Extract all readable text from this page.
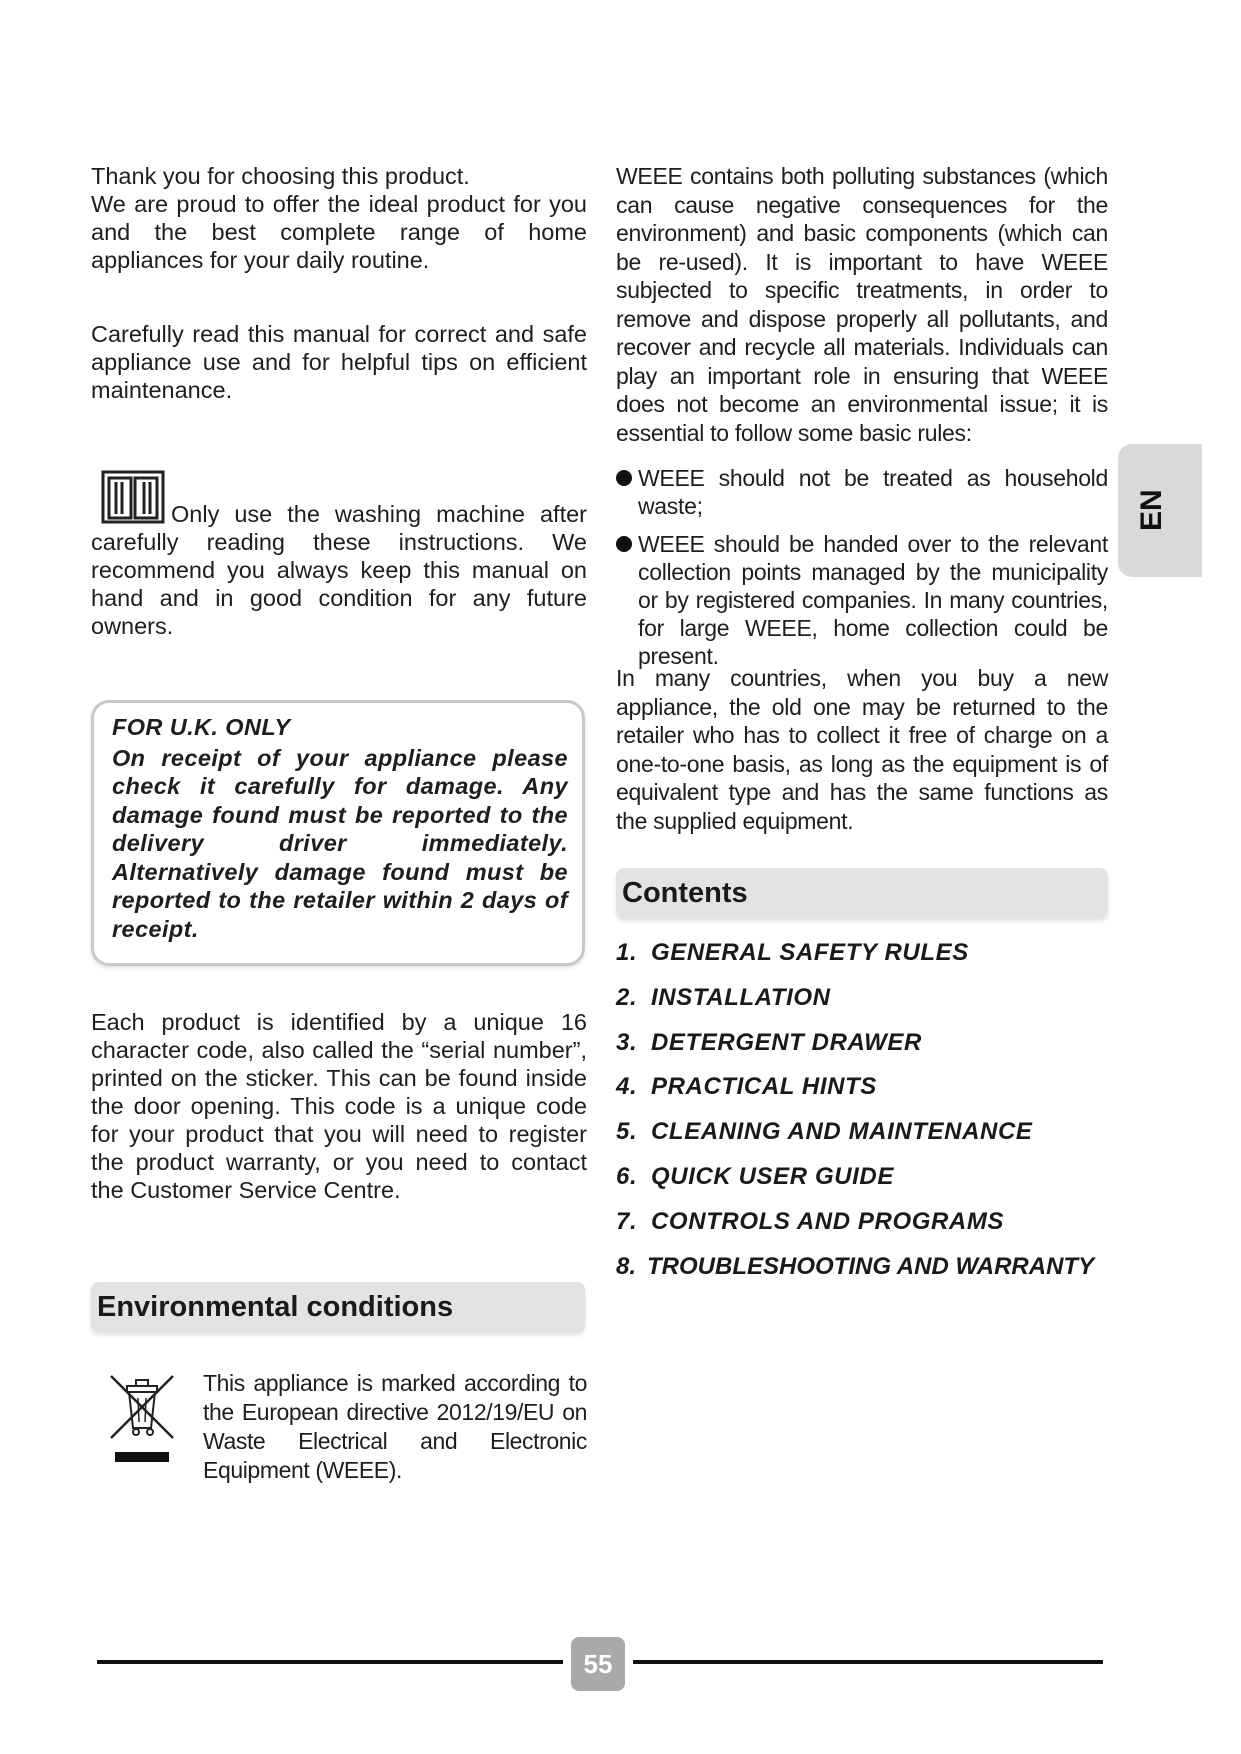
Thank you for choosing this product.

We are proud to offer the ideal product for you and the best complete range of home appliances for your daily routine.

Carefully read this manual for correct and safe appliance use and for helpful tips on efficient maintenance.

Only use the washing machine after carefully reading these instructions. We recommend you always keep this manual on hand and in good condition for any future owners.

FOR U.K. ONLY

On receipt of your appliance please check it carefully for damage. Any damage found must be reported to the delivery driver immediately. Alternatively damage found must be reported to the retailer within 2 days of receipt.

Each product is identified by a unique 16 character code, also called the “serial number”, printed on the sticker. This can be found inside the door opening. This code is a unique code for your product that you will need to register the product warranty, or you need to contact the Customer Service Centre.

Environmental conditions

This appliance is marked according to the European directive 2012/19/EU on Waste Electrical and Electronic Equipment (WEEE).

WEEE contains both polluting substances (which can cause negative consequences for the environment) and basic components (which can be re-used). It is important to have WEEE subjected to specific treatments, in order to remove and dispose properly all pollutants, and recover and recycle all materials. Individuals can play an important role in ensuring that WEEE does not become an environmental issue; it is essential to follow some basic rules:

WEEE should not be treated as household waste;
WEEE should be handed over to the relevant collection points managed by the municipality or by registered companies. In many countries, for large WEEE, home collection could be present.

In many countries, when you buy a new appliance, the old one may be returned to the retailer who has to collect it free of charge on a one-to-one basis, as long as the equipment is of equivalent type and has the same functions as the supplied equipment.

Contents
1. GENERAL SAFETY RULES
2. INSTALLATION
3. DETERGENT DRAWER
4. PRACTICAL HINTS
5. CLEANING AND MAINTENANCE
6. QUICK USER GUIDE
7. CONTROLS AND PROGRAMS
8. TROUBLESHOOTING AND WARRANTY
EN
55
